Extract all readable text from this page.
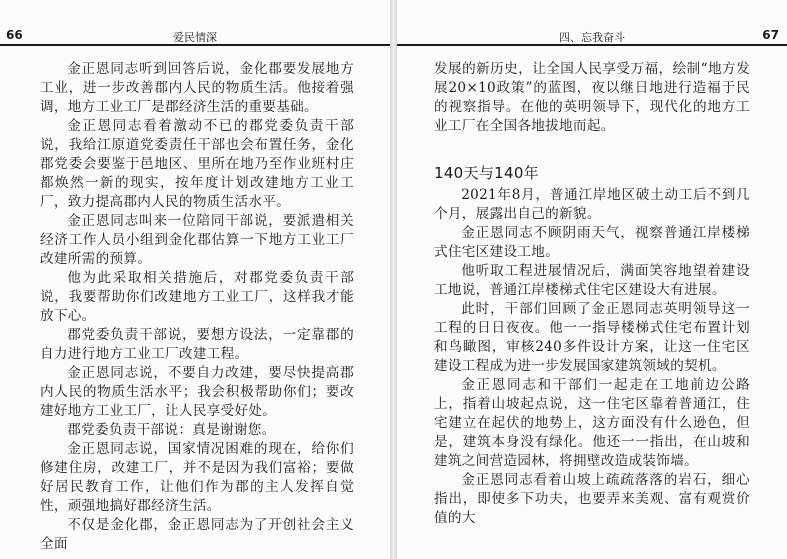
66	爱民情深

金正恩同志听到回答后说，金化郡要发展地方工业，进一步改善郡内人民的物质生活。他接着强调，地方工业工厂是郡经济生活的重要基础。

金正恩同志看着激动不已的郡党委负责干部说，我给江原道党委责任干部也会布置任务，金化郡党委会要鉴于邑地区、里所在地乃至作业班村庄都焕然一新的现实，按年度计划改建地方工业工厂，致力提高郡内人民的物质生活水平。

金正恩同志叫来一位陪同干部说，要派遣相关经济工作人员小组到金化郡估算一下地方工业工厂改建所需的预算。

他为此采取相关措施后，对郡党委负责干部说，我要帮助你们改建地方工业工厂，这样我才能放下心。

郡党委负责干部说，要想方设法，一定靠郡的自力进行地方工业工厂改建工程。

金正恩同志说，不要自力改建，要尽快提高郡内人民的物质生活水平；我会积极帮助你们；要改建好地方工业工厂，让人民享受好处。

郡党委负责干部说：真是谢谢您。

金正恩同志说，国家情况困难的现在，给你们修建住房，改建工厂，并不是因为我们富裕；要做好居民教育工作，让他们作为郡的主人发挥自觉性，顽强地搞好郡经济生活。

不仅是金化郡，金正恩同志为了开创社会主义全面

四、忘我奋斗	67

发展的新历史，让全国人民享受万福，绘制“地方发展20×10政策”的蓝图，夜以继日地进行造福于民的视察指导。在他的英明领导下，现代化的地方工业工厂在全国各地拔地而起。

140天与140年

2021年8月，普通江岸地区破土动工后不到几个月，展露出自己的新貌。

金正恩同志不顾阴雨天气，视察普通江岸楼梯式住宅区建设工地。

他听取工程进展情况后，满面笑容地望着建设工地说，普通江岸楼梯式住宅区建设大有进展。

此时，干部们回顾了金正恩同志英明领导这一工程的日日夜夜。他一一指导楼梯式住宅布置计划和鸟瞰图，审核240多件设计方案，让这一住宅区建设工程成为进一步发展国家建筑领域的契机。

金正恩同志和干部们一起走在工地前边公路上，指着山坡起点说，这一住宅区靠着普通江，住宅建立在起伏的地势上，这方面没有什么逊色，但是，建筑本身没有绿化。他还一一指出，在山坡和建筑之间营造园林，将拥壁改造成装饰墙。

金正恩同志看着山坡上疏疏落落的岩石，细心指出，即使多下功夫，也要弄来美观、富有观赏价值的大
